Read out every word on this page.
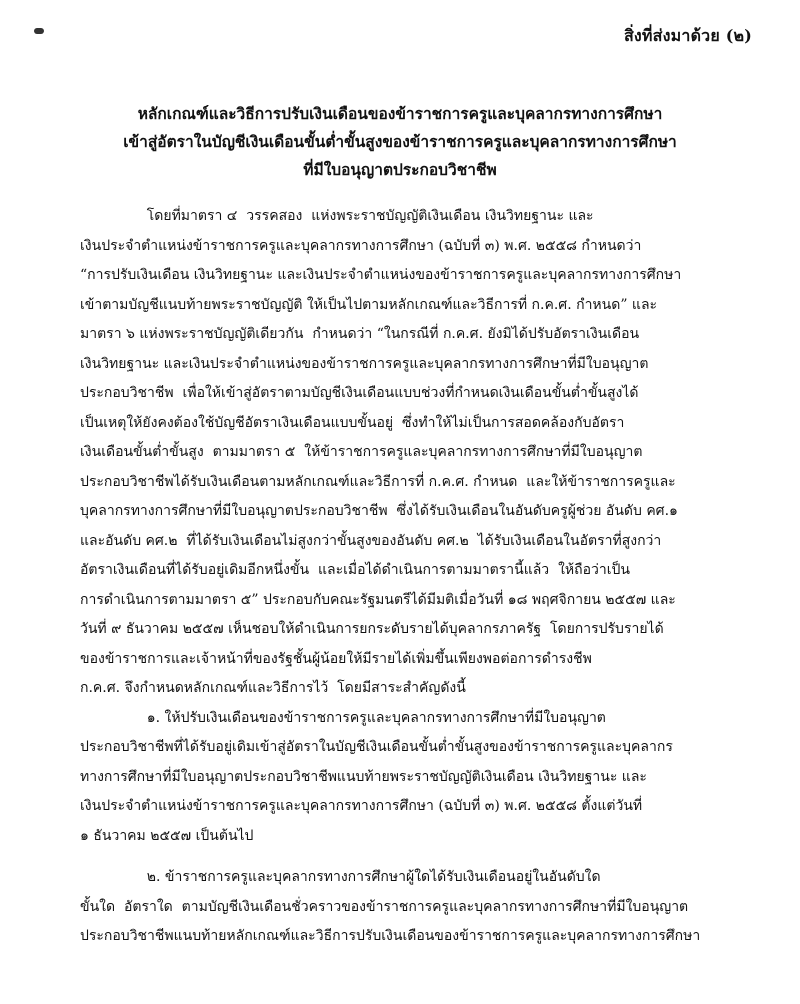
สิ่งที่ส่งมาด้วย (๒)
หลักเกณฑ์และวิธีการปรับเงินเดือนของข้าราชการครูและบุคลากรทางการศึกษา
เข้าสู่อัตราในบัญชีเงินเดือนขั้นต่ำขั้นสูงของข้าราชการครูและบุคลากรทางการศึกษา
ที่มีใบอนุญาตประกอบวิชาชีพ
โดยที่มาตรา ๔  วรรคสอง  แห่งพระราชบัญญัติเงินเดือน เงินวิทยฐานะ และ
เงินประจำตำแหน่งข้าราชการครูและบุคลากรทางการศึกษา (ฉบับที่ ๓) พ.ศ. ๒๕๕๘ กำหนดว่า
“การปรับเงินเดือน เงินวิทยฐานะ และเงินประจำตำแหน่งของข้าราชการครูและบุคลากรทางการศึกษา
เข้าตามบัญชีแนบท้ายพระราชบัญญัติ ให้เป็นไปตามหลักเกณฑ์และวิธีการที่ ก.ค.ศ. กำหนด” และ
มาตรา ๖ แห่งพระราชบัญญัติเดียวกัน  กำหนดว่า “ในกรณีที่ ก.ค.ศ. ยังมิได้ปรับอัตราเงินเดือน
เงินวิทยฐานะ และเงินประจำตำแหน่งของข้าราชการครูและบุคลากรทางการศึกษาที่มีใบอนุญาต
ประกอบวิชาชีพ  เพื่อให้เข้าสู่อัตราตามบัญชีเงินเดือนแบบช่วงที่กำหนดเงินเดือนขั้นต่ำขั้นสูงได้
เป็นเหตุให้ยังคงต้องใช้บัญชีอัตราเงินเดือนแบบขั้นอยู่  ซึ่งทำให้ไม่เป็นการสอดคล้องกับอัตรา
เงินเดือนขั้นต่ำขั้นสูง  ตามมาตรา ๕  ให้ข้าราชการครูและบุคลากรทางการศึกษาที่มีใบอนุญาต
ประกอบวิชาชีพได้รับเงินเดือนตามหลักเกณฑ์และวิธีการที่ ก.ค.ศ. กำหนด  และให้ข้าราชการครูและ
บุคลากรทางการศึกษาที่มีใบอนุญาตประกอบวิชาชีพ  ซึ่งได้รับเงินเดือนในอันดับครูผู้ช่วย อันดับ คศ.๑
และอันดับ คศ.๒  ที่ได้รับเงินเดือนไม่สูงกว่าขั้นสูงของอันดับ คศ.๒  ได้รับเงินเดือนในอัตราที่สูงกว่า
อัตราเงินเดือนที่ได้รับอยู่เดิมอีกหนึ่งขั้น  และเมื่อได้ดำเนินการตามมาตรานี้แล้ว  ให้ถือว่าเป็น
การดำเนินการตามมาตรา ๕” ประกอบกับคณะรัฐมนตรีได้มีมติเมื่อวันที่ ๑๘ พฤศจิกายน ๒๕๕๗ และ
วันที่ ๙ ธันวาคม ๒๕๕๗ เห็นชอบให้ดำเนินการยกระดับรายได้บุคลากรภาครัฐ  โดยการปรับรายได้
ของข้าราชการและเจ้าหน้าที่ของรัฐชั้นผู้น้อยให้มีรายได้เพิ่มขึ้นเพียงพอต่อการดำรงชีพ
ก.ค.ศ. จึงกำหนดหลักเกณฑ์และวิธีการไว้  โดยมีสาระสำคัญดังนี้
๑. ให้ปรับเงินเดือนของข้าราชการครูและบุคลากรทางการศึกษาที่มีใบอนุญาต
ประกอบวิชาชีพที่ได้รับอยู่เดิมเข้าสู่อัตราในบัญชีเงินเดือนขั้นต่ำขั้นสูงของข้าราชการครูและบุคลากร
ทางการศึกษาที่มีใบอนุญาตประกอบวิชาชีพแนบท้ายพระราชบัญญัติเงินเดือน เงินวิทยฐานะ และ
เงินประจำตำแหน่งข้าราชการครูและบุคลากรทางการศึกษา (ฉบับที่ ๓) พ.ศ. ๒๕๕๘ ตั้งแต่วันที่
๑ ธันวาคม ๒๕๕๗ เป็นต้นไป
๒. ข้าราชการครูและบุคลากรทางการศึกษาผู้ใดได้รับเงินเดือนอยู่ในอันดับใด
ขั้นใด  อัตราใด  ตามบัญชีเงินเดือนชั่วคราวของข้าราชการครูและบุคลากรทางการศึกษาที่มีใบอนุญาต
ประกอบวิชาชีพแนบท้ายหลักเกณฑ์และวิธีการปรับเงินเดือนของข้าราชการครูและบุคลากรทางการศึกษา
